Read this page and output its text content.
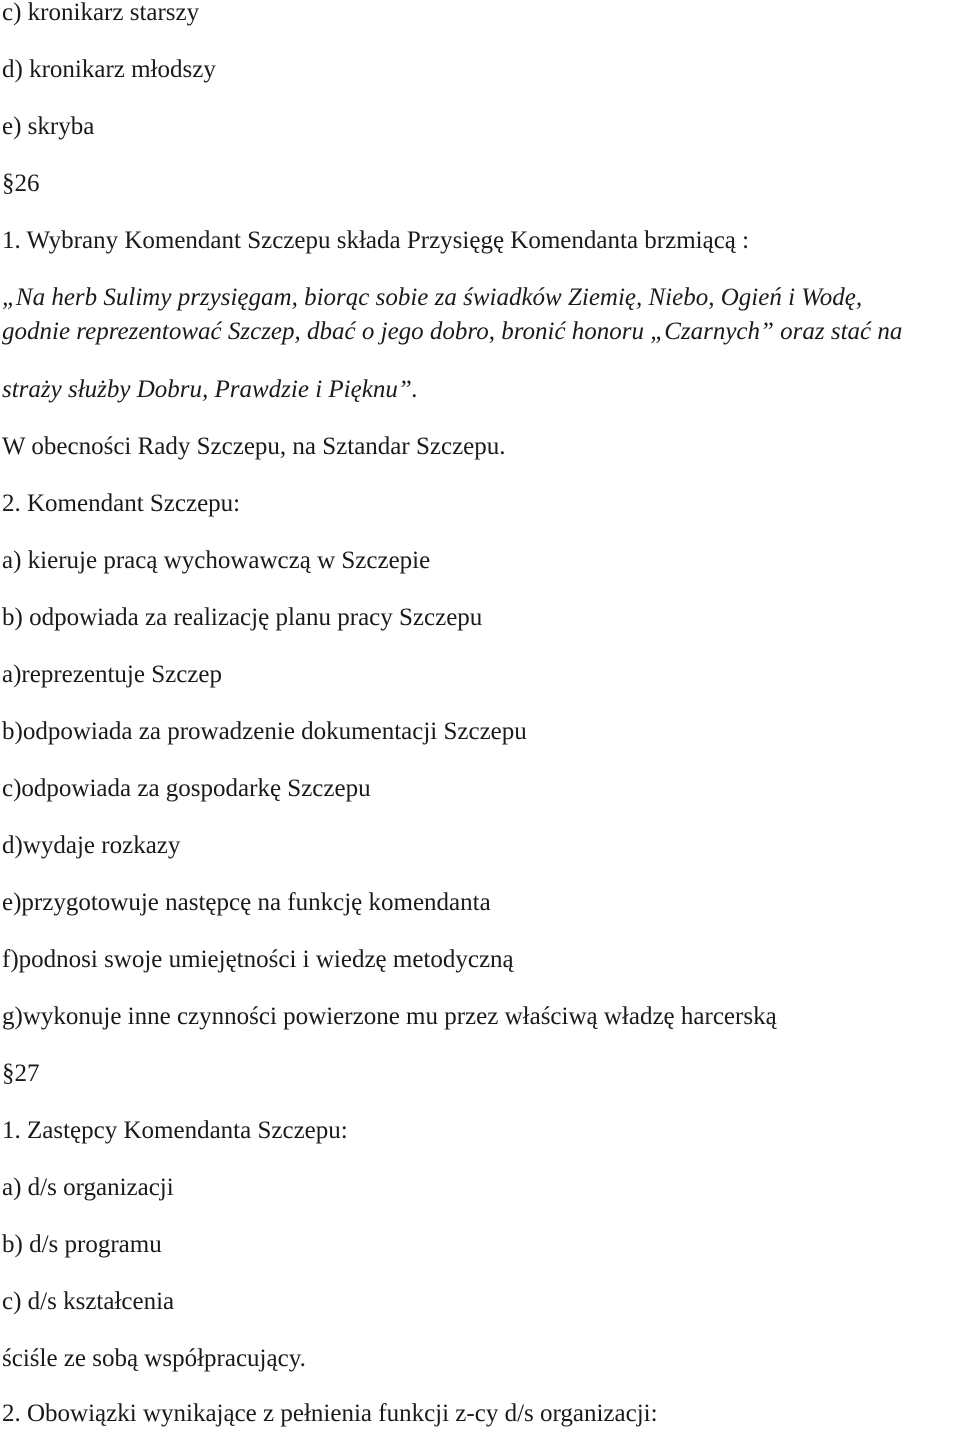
c) kronikarz starszy

d) kronikarz młodszy

e) skryba

§26

1. Wybrany Komendant Szczepu składa Przysięgę Komendanta brzmiącą :

„Na herb Sulimy przysięgam, biorąc sobie za świadków Ziemię, Niebo, Ogień i Wodę,

godnie reprezentować Szczep, dbać o jego dobro, bronić honoru „Czarnych” oraz stać na

straży służby Dobru, Prawdzie i Pięknu”.

W obecności Rady Szczepu, na Sztandar Szczepu.

2. Komendant Szczepu:

a) kieruje pracą wychowawczą w Szczepie

b) odpowiada za realizację planu pracy Szczepu

a)reprezentuje Szczep

b)odpowiada za prowadzenie dokumentacji Szczepu

c)odpowiada za gospodarkę Szczepu

d)wydaje rozkazy

e)przygotowuje następcę na funkcję komendanta

f)podnosi swoje umiejętności i wiedzę metodyczną

g)wykonuje inne czynności powierzone mu przez właściwą władzę harcerską

§27

1. Zastępcy Komendanta Szczepu:

a) d/s organizacji

b) d/s programu

c) d/s kształcenia

ściśle ze sobą współpracujący.

2. Obowiązki wynikające z pełnienia funkcji z-cy d/s organizacji:
